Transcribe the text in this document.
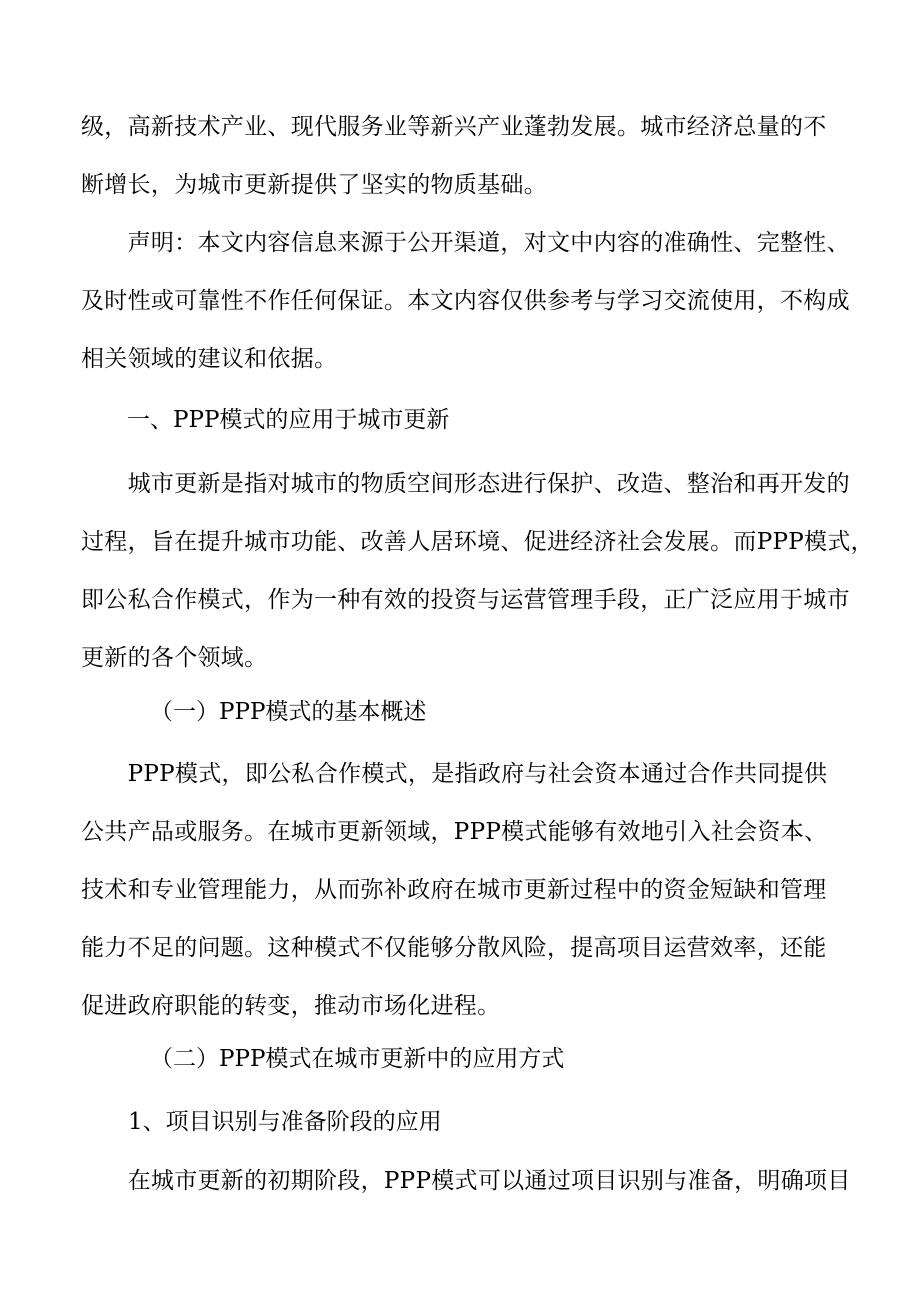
级，高新技术产业、现代服务业等新兴产业蓬勃发展。城市经济总量的不
断增长，为城市更新提供了坚实的物质基础。

　　声明：本文内容信息来源于公开渠道，对文中内容的准确性、完整性、
及时性或可靠性不作任何保证。本文内容仅供参考与学习交流使用，不构成
相关领域的建议和依据。

一、PPP模式的应用于城市更新

　　城市更新是指对城市的物质空间形态进行保护、改造、整治和再开发的
过程，旨在提升城市功能、改善人居环境、促进经济社会发展。而PPP模式，
即公私合作模式，作为一种有效的投资与运营管理手段，正广泛应用于城市
更新的各个领域。

（一）PPP模式的基本概述

　　PPP模式，即公私合作模式，是指政府与社会资本通过合作共同提供
公共产品或服务。在城市更新领域，PPP模式能够有效地引入社会资本、
技术和专业管理能力，从而弥补政府在城市更新过程中的资金短缺和管理
能力不足的问题。这种模式不仅能够分散风险，提高项目运营效率，还能
促进政府职能的转变，推动市场化进程。

（二）PPP模式在城市更新中的应用方式
1、项目识别与准备阶段的应用

　　在城市更新的初期阶段，PPP模式可以通过项目识别与准备，明确项目
